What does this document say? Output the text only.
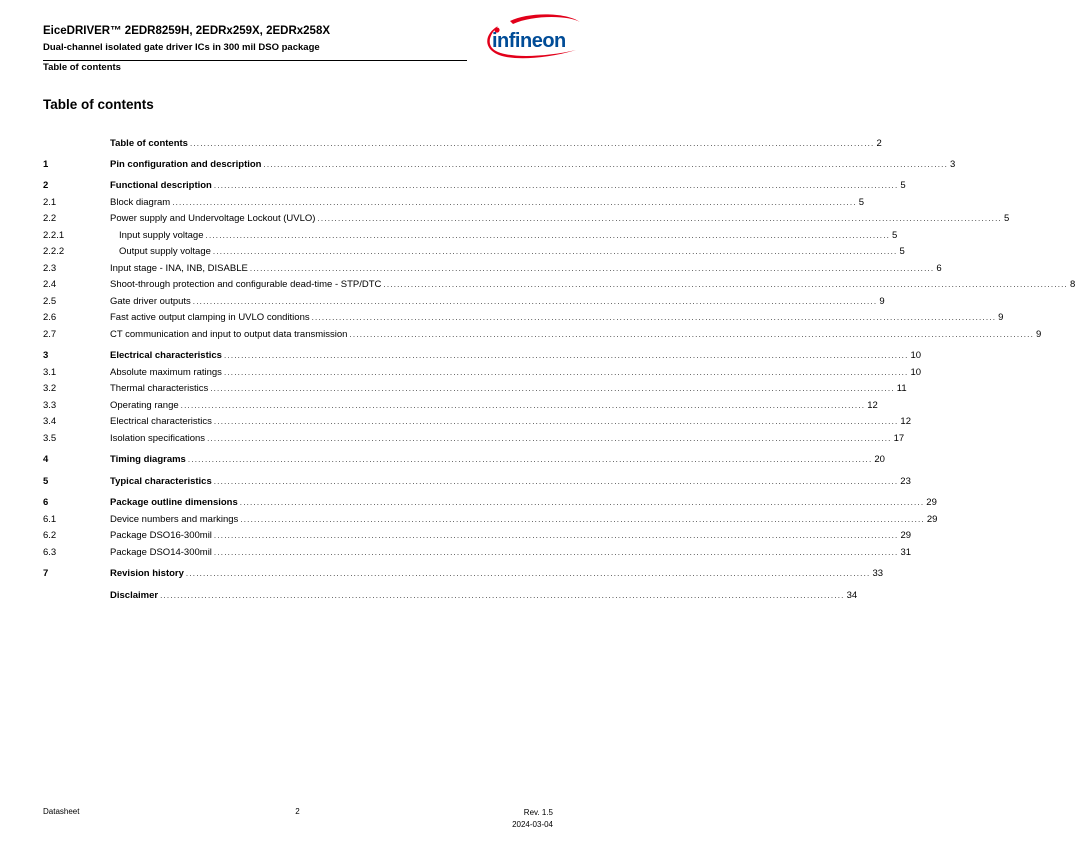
EiceDRIVER™ 2EDR8259H, 2EDRx259X, 2EDRx258X
Dual-channel isolated gate driver ICs in 300 mil DSO package
Table of contents
infineon
Table of contents
Table of contents ........................................................................................................................................................................................................ 2
1	Pin configuration and description ........................................................................................................................................................................................................ 3
2	Functional description ........................................................................................................................................................................................................ 5
2.1	Block diagram ........................................................................................................................................................................................................ 5
2.2	Power supply and Undervoltage Lockout (UVLO) ........................................................................................................................................................................................................ 5
2.2.1	Input supply voltage ........................................................................................................................................................................................................ 5
2.2.2	Output supply voltage ........................................................................................................................................................................................................ 5
2.3	Input stage - INA, INB, DISABLE ........................................................................................................................................................................................................ 6
2.4	Shoot-through protection and configurable dead-time - STP/DTC ........................................................................................................................................................................................................ 8
2.5	Gate driver outputs ........................................................................................................................................................................................................ 9
2.6	Fast active output clamping in UVLO conditions ........................................................................................................................................................................................................ 9
2.7	CT communication and input to output data transmission ........................................................................................................................................................................................................ 9
3	Electrical characteristics ........................................................................................................................................................................................................ 10
3.1	Absolute maximum ratings ........................................................................................................................................................................................................ 10
3.2	Thermal characteristics ........................................................................................................................................................................................................ 11
3.3	Operating range ........................................................................................................................................................................................................ 12
3.4	Electrical characteristics ........................................................................................................................................................................................................ 12
3.5	Isolation specifications ........................................................................................................................................................................................................ 17
4	Timing diagrams ........................................................................................................................................................................................................ 20
5	Typical characteristics ........................................................................................................................................................................................................ 23
6	Package outline dimensions ........................................................................................................................................................................................................ 29
6.1	Device numbers and markings ........................................................................................................................................................................................................ 29
6.2	Package DSO16-300mil ........................................................................................................................................................................................................ 29
6.3	Package DSO14-300mil ........................................................................................................................................................................................................ 31
7	Revision history ........................................................................................................................................................................................................ 33
Disclaimer ........................................................................................................................................................................................................ 34
Datasheet	2	Rev. 1.5
2024-03-04
